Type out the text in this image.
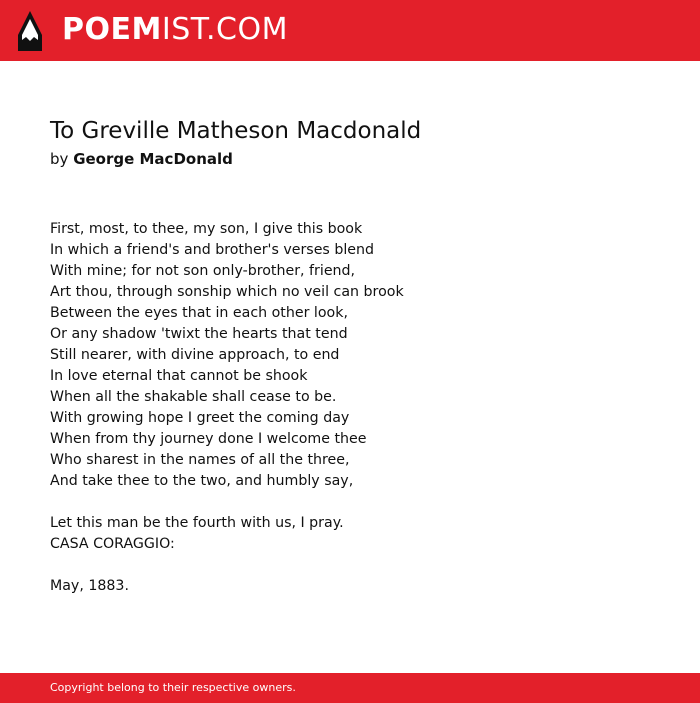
POEMIST.COM
To Greville Matheson Macdonald
by George MacDonald
First, most, to thee, my son, I give this book
In which a friend's and brother's verses blend
With mine; for not son only-brother, friend,
Art thou, through sonship which no veil can brook
Between the eyes that in each other look,
Or any shadow 'twixt the hearts that tend
Still nearer, with divine approach, to end
In love eternal that cannot be shook
When all the shakable shall cease to be.
With growing hope I greet the coming day
When from thy journey done I welcome thee
Who sharest in the names of all the three,
And take thee to the two, and humbly say,
Let this man be the fourth with us, I pray.
CASA CORAGGIO:
May, 1883.
Copyright belong to their respective owners.
